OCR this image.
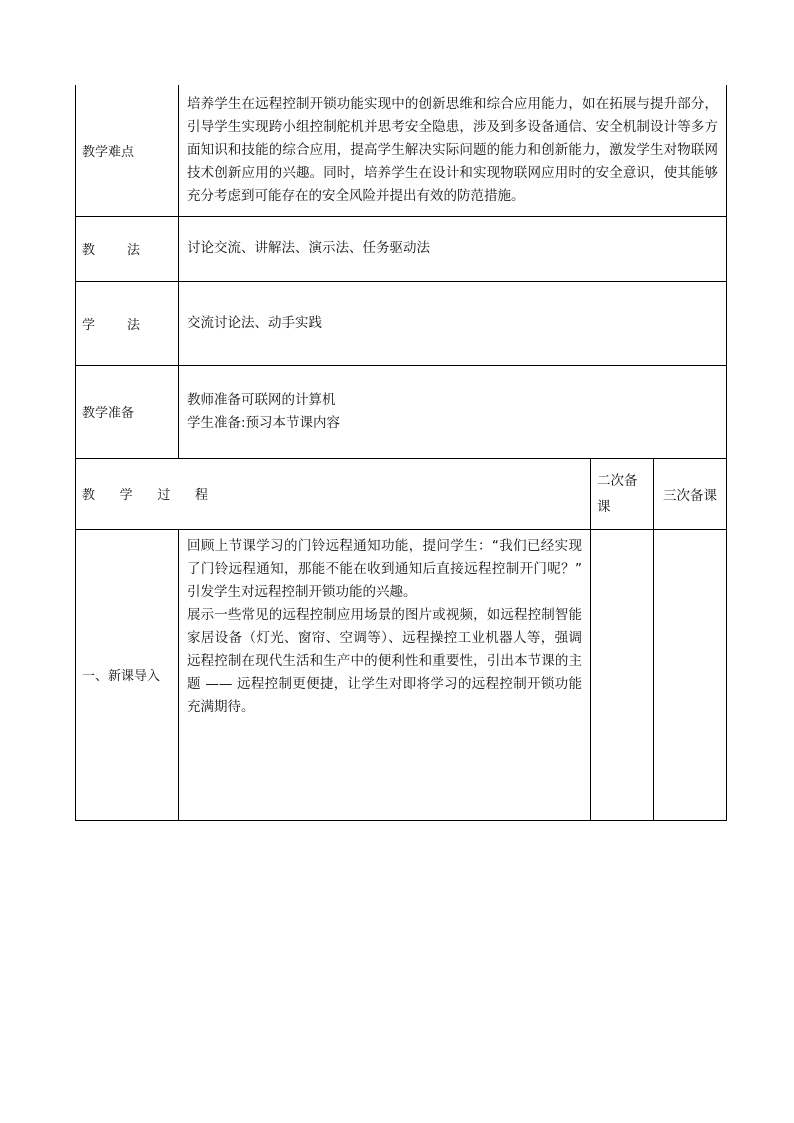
教学难点	培养学生在远程控制开锁功能实现中的创新思维和综合应用能力，如在拓展与提升部分，引导学生实现跨小组控制舵机并思考安全隐患，涉及到多设备通信、安全机制设计等多方面知识和技能的综合应用，提高学生解决实际问题的能力和创新能力，激发学生对物联网技术创新应用的兴趣。同时，培养学生在设计和实现物联网应用时的安全意识，使其能够充分考虑到可能存在的安全风险并提出有效的防范措施。		

教 法	讨论交流、讲解法、演示法、任务驱动法		

学 法	交流讨论法、动手实践		
教学准备	教师准备可联网的计算机
学生准备:预习本节课内容		

教 学 过 程		二次备课	三次备课
一、新课导入	回顾上节课学习的门铃远程通知功能，提问学生：“我们已经实现了门铃远程通知，那能不能在收到通知后直接远程控制开门呢？” 引发学生对远程控制开锁功能的兴趣。
展示一些常见的远程控制应用场景的图片或视频，如远程控制智能家居设备（灯光、窗帘、空调等）、远程操控工业机器人等，强调远程控制在现代生活和生产中的便利性和重要性，引出本节课的主题 —— 远程控制更便捷，让学生对即将学习的远程控制开锁功能充满期待。		
